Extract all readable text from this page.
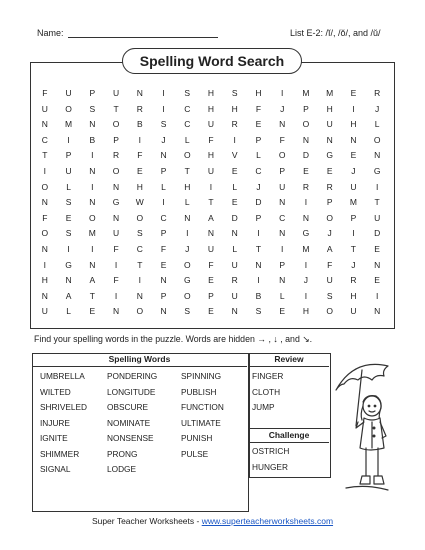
Name:	List E-2: /ĭ/, /ŏ/, and /ŭ/
Spelling Word Search
F	U	P	U	N	I	S	H	S	H	I	M	M	E	R
U	O	S	T	R	I	C	H	H	F	J	P	H	I	J
N	M	N	O	B	S	C	U	R	E	N	O	U	H	L
C	I	B	P	I	J	L	F	I	P	F	N	N	N	O
T	P	I	R	F	N	O	H	V	L	O	D	G	E	N
I	U	N	O	E	P	T	U	E	C	P	E	E	J	G
O	L	I	N	H	L	H	I	L	J	U	R	R	U	I
N	S	N	G	W	I	L	T	E	D	N	I	P	M	T
F	E	O	N	O	C	N	A	D	P	C	N	O	P	U
O	S	M	U	S	P	I	N	N	I	N	G	J	I	D
N	I	I	F	C	F	J	U	L	T	I	M	A	T	E
I	G	N	I	T	E	O	F	U	N	P	I	F	J	N
H	N	A	F	I	N	G	E	R	I	N	J	U	R	E
N	A	T	I	N	P	O	P	U	B	L	I	S	H	I
U	L	E	N	O	N	S	E	N	S	E	H	O	U	N
Find your spelling words in the puzzle. Words are hidden → , ↓ , and ↘.
Spelling Words
UMBRELLA	PONDERING	SPINNING
WILTED	LONGITUDE	PUBLISH
SHRIVELED	OBSCURE	FUNCTION
INJURE	NOMINATE	ULTIMATE
IGNITE	NONSENSE	PUNISH
SHIMMER	PRONG	PULSE
SIGNAL	LODGE
Review
FINGER
CLOTH
JUMP
Challenge
OSTRICH
HUNGER
Super Teacher Worksheets - www.superteacherworksheets.com
